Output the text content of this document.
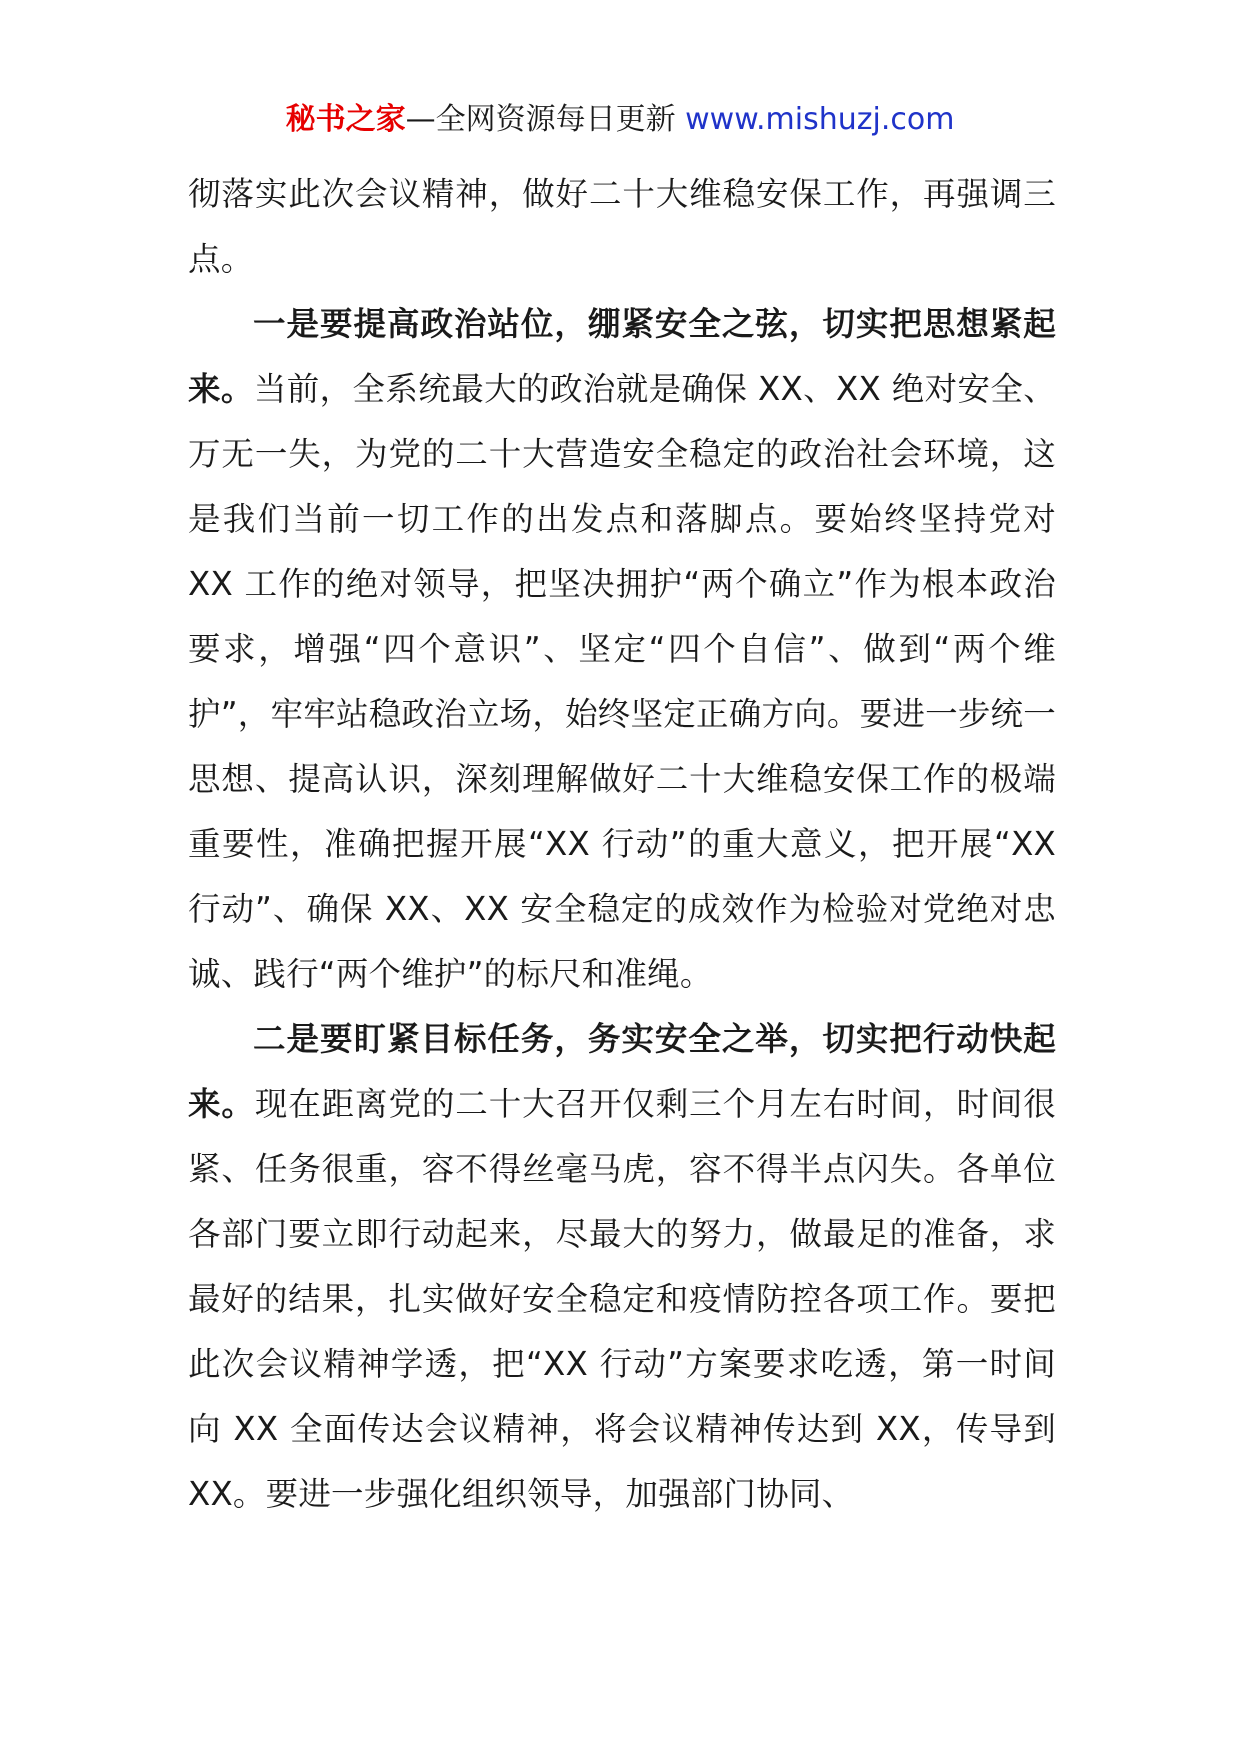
秘书之家—全网资源每日更新 www.mishuzj.com

彻落实此次会议精神，做好二十大维稳安保工作，再强调三点。

一是要提高政治站位，绷紧安全之弦，切实把思想紧起来。当前，全系统最大的政治就是确保 XX、XX 绝对安全、万无一失，为党的二十大营造安全稳定的政治社会环境，这是我们当前一切工作的出发点和落脚点。要始终坚持党对 XX 工作的绝对领导，把坚决拥护“两个确立”作为根本政治要求，增强“四个意识”、坚定“四个自信”、做到“两个维护”，牢牢站稳政治立场，始终坚定正确方向。要进一步统一思想、提高认识，深刻理解做好二十大维稳安保工作的极端重要性，准确把握开展“XX 行动”的重大意义，把开展“XX 行动”、确保 XX、XX 安全稳定的成效作为检验对党绝对忠诚、践行“两个维护”的标尺和准绳。

二是要盯紧目标任务，务实安全之举，切实把行动快起来。现在距离党的二十大召开仅剩三个月左右时间，时间很紧、任务很重，容不得丝毫马虎，容不得半点闪失。各单位各部门要立即行动起来，尽最大的努力，做最足的准备，求最好的结果，扎实做好安全稳定和疫情防控各项工作。要把此次会议精神学透，把“XX 行动”方案要求吃透，第一时间向 XX 全面传达会议精神，将会议精神传达到 XX，传导到 XX。要进一步强化组织领导，加强部门协同、
